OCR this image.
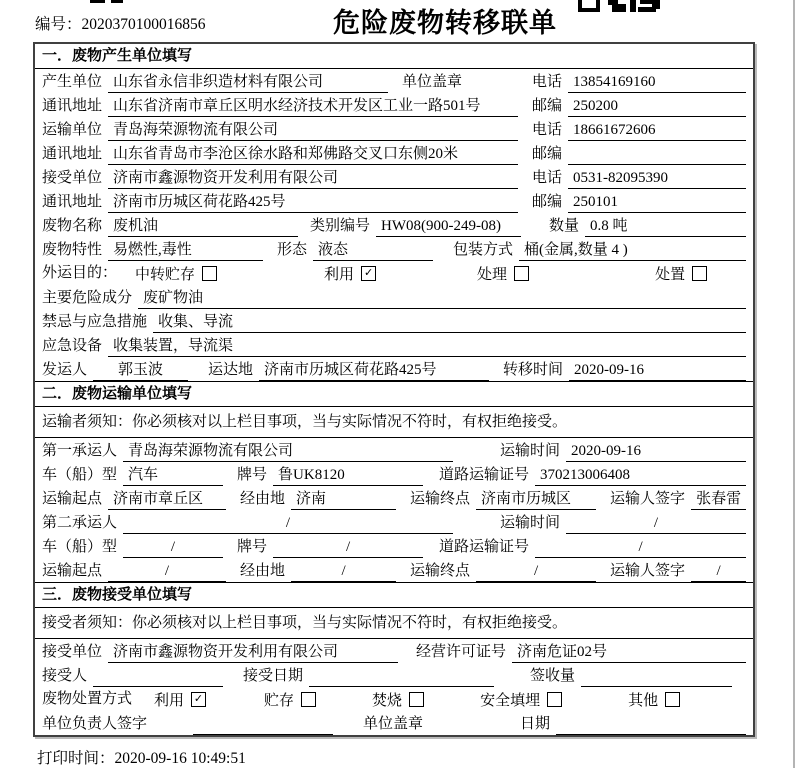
编号：2020370100016856	危险废物转移联单
一．废物产生单位填写
产生单位 山东省永信非织造材料有限公司	单位盖章	电话 13854169160
通讯地址 山东省济南市章丘区明水经济技术开发区工业一路501号	邮编 250200
运输单位 青岛海荣源物流有限公司	电话 18661672606
通讯地址 山东省青岛市李沧区徐水路和郑佛路交叉口东侧20米	邮编
接受单位 济南市鑫源物资开发利用有限公司	电话 0531-82095390
通讯地址 济南市历城区荷花路425号	邮编 250101
废物名称 废机油	类别编号 HW08(900-249-08)	数量 0.8 吨
废物特性 易燃性,毒性	形态 液态	包装方式 桶(金属,数量 4 )
外运目的：	中转贮存	利用 ✓	处理	处置
主要危险成分 废矿物油
禁忌与应急措施 收集、导流
应急设备 收集装置，导流渠
发运人	郭玉波	运达地 济南市历城区荷花路425号	转移时间 2020-09-16
二．废物运输单位填写
运输者须知：你必须核对以上栏目事项，当与实际情况不符时，有权拒绝接受。
第一承运人 青岛海荣源物流有限公司	运输时间 2020-09-16
车（船）型 汽车	牌号 鲁UK8120	道路运输证号 370213006408
运输起点 济南市章丘区	经由地 济南	运输终点 济南市历城区	运输人签字 张春雷
第二承运人	/	运输时间	/
车（船）型	/	牌号	/	道路运输证号	/
运输起点	/	经由地	/	运输终点	/	运输人签字	/
三．废物接受单位填写
接受者须知：你必须核对以上栏目事项，当与实际情况不符时，有权拒绝接受。
接受单位 济南市鑫源物资开发利用有限公司	经营许可证号 济南危证02号
接受人	接受日期	签收量
废物处置方式	利用 ✓	贮存	焚烧	安全填埋	其他
单位负责人签字	单位盖章	日期
打印时间：2020-09-16 10:49:51
